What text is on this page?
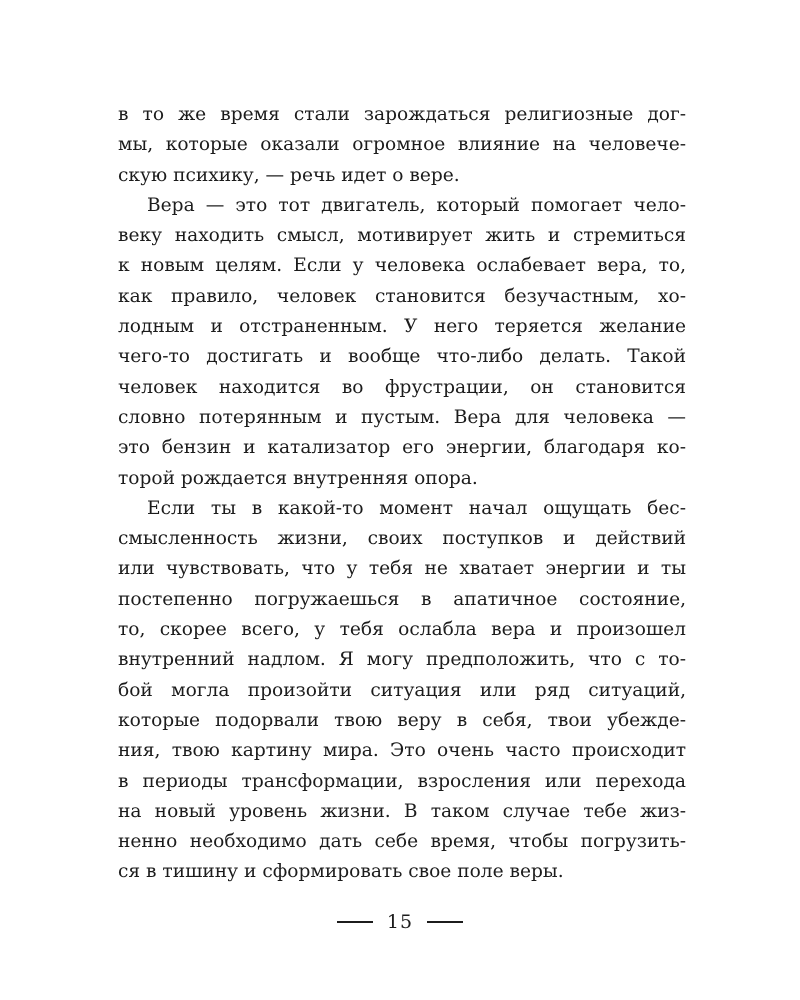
в то же время стали зарождаться религиозные дог-
мы, которые оказали огромное влияние на человече-
скую психику, — речь идет о вере.
Вера — это тот двигатель, который помогает чело-
веку находить смысл, мотивирует жить и стремиться
к новым целям. Если у человека ослабевает вера, то,
как правило, человек становится безучастным, хо-
лодным и отстраненным. У него теряется желание
чего-то достигать и вообще что-либо делать. Такой
человек находится во фрустрации, он становится
словно потерянным и пустым. Вера для человека —
это бензин и катализатор его энергии, благодаря ко-
торой рождается внутренняя опора.
Если ты в какой-то момент начал ощущать бес-
смысленность жизни, своих поступков и действий
или чувствовать, что у тебя не хватает энергии и ты
постепенно погружаешься в апатичное состояние,
то, скорее всего, у тебя ослабла вера и произошел
внутренний надлом. Я могу предположить, что с то-
бой могла произойти ситуация или ряд ситуаций,
которые подорвали твою веру в себя, твои убежде-
ния, твою картину мира. Это очень часто происходит
в периоды трансформации, взросления или перехода
на новый уровень жизни. В таком случае тебе жиз-
ненно необходимо дать себе время, чтобы погрузить-
ся в тишину и сформировать свое поле веры.
15
